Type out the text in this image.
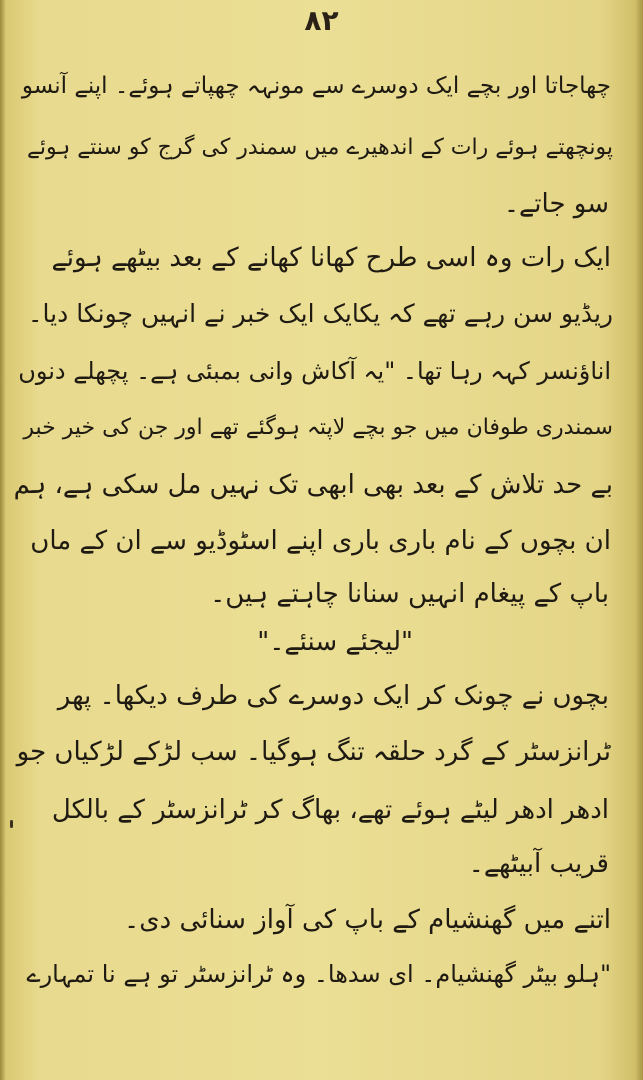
۸۲
چھاجاتا اور بچے ایک دوسرے سے مونہہ چھپاتے ہوئے۔ اپنے آنسو
پونچھتے ہوئے رات کے اندھیرے میں سمندر کی گرج کو سنتے ہوئے
سو جاتے۔
ایک رات وہ اسی طرح کھانا کھانے کے بعد بیٹھے ہوئے
ریڈیو سن رہے تھے کہ یکایک ایک خبر نے انہیں چونکا دیا۔
اناؤنسر کہہ رہا تھا۔ "یہ آکاش وانی بمبئی ہے۔ پچھلے دنوں
سمندری طوفان میں جو بچے لاپتہ ہوگئے تھے اور جن کی خیر خبر
بے حد تلاش کے بعد بھی ابھی تک نہیں مل سکی ہے، ہم
ان بچوں کے نام باری باری اپنے اسٹوڈیو سے ان کے ماں
باپ کے پیغام انہیں سنانا چاہتے ہیں۔
"لیجئے سنئے۔"
بچوں نے چونک کر ایک دوسرے کی طرف دیکھا۔ پھر
ٹرانزسٹر کے گرد حلقہ تنگ ہوگیا۔ سب لڑکے لڑکیاں جو
ادھر ادھر لیٹے ہوئے تھے، بھاگ کر ٹرانزسٹر کے بالکل
قریب آبیٹھے۔
اتنے میں گھنشیام کے باپ کی آواز سنائی دی۔
"ہلو بیٹر گھنشیام۔ ای سدھا۔ وہ ٹرانزسٹر تو ہے نا تمہارے
